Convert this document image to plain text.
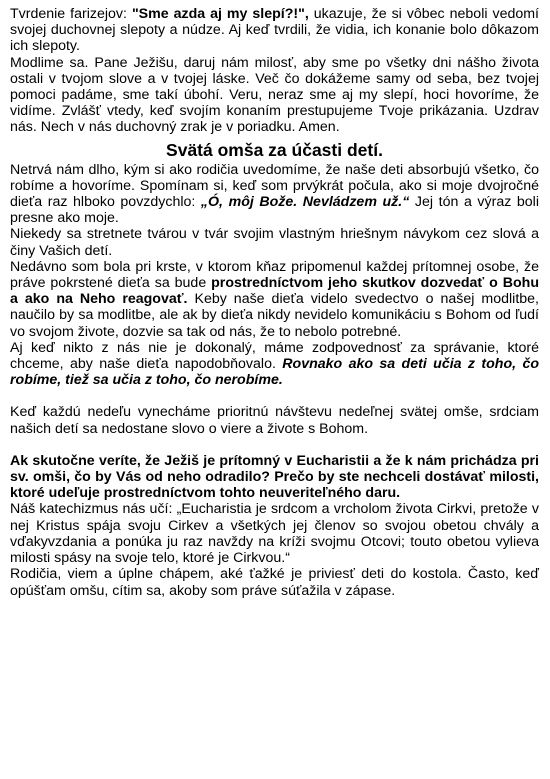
Tvrdenie farizejov: "Sme azda aj my slepí?!", ukazuje, že si vôbec neboli vedomí svojej duchovnej slepoty a núdze. Aj keď tvrdili, že vidia, ich konanie bolo dôkazom ich slepoty.

Modlime sa. Pane Ježišu, daruj nám milosť, aby sme po všetky dni nášho života ostali v tvojom slove a v tvojej láske. Več čo dokážeme samy od seba, bez tvojej pomoci padáme, sme takí úbohí. Veru, neraz sme aj my slepí, hoci hovoríme, že vidíme. Zvlášť vtedy, keď svojím konaním prestupujeme Tvoje prikázania. Uzdrav nás. Nech v nás duchovný zrak je v poriadku. Amen.

Svätá omša za účasti detí.

Netrvá nám dlho, kým si ako rodičia uvedomíme, že naše deti absorbujú všetko, čo robíme a hovoríme. Spomínam si, keď som prvýkrát počula, ako si moje dvojročné dieťa raz hlboko povzdychlo: „Ó, môj Bože. Nevládzem už.“ Jej tón a výraz boli presne ako moje.

Niekedy sa stretnete tvárou v tvár svojim vlastným hriešnym návykom cez slová a činy Vašich detí.

Nedávno som bola pri krste, v ktorom kňaz pripomenul každej prítomnej osobe, že práve pokrstené dieťa sa bude prostredníctvom jeho skutkov dozvedať o Bohu a ako na Neho reagovať. Keby naše dieťa videlo svedectvo o našej modlitbe, naučilo by sa modlitbe, ale ak by dieťa nikdy nevidelo komunikáciu s Bohom od ľudí vo svojom živote, dozvie sa tak od nás, že to nebolo potrebné.

Aj keď nikto z nás nie je dokonalý, máme zodpovednosť za správanie, ktoré chceme, aby naše dieťa napodobňovalo. Rovnako ako sa deti učia z toho, čo robíme, tiež sa učia z toho, čo nerobíme.

Keď každú nedeľu vynecháme prioritnú návštevu nedeľnej svätej omše, srdciam našich detí sa nedostane slovo o viere a živote s Bohom.

Ak skutočne veríte, že Ježiš je prítomný v Eucharistii a že k nám prichádza pri sv. omši, čo by Vás od neho odradilo? Prečo by ste nechceli dostávať milosti, ktoré udeľuje prostredníctvom tohto neuveriteľného daru.

Náš katechizmus nás učí: „Eucharistia je srdcom a vrcholom života Cirkvi, pretože v nej Kristus spája svoju Cirkev a všetkých jej členov so svojou obetou chvály a vďakyvzdania a ponúka ju raz navždy na kríži svojmu Otcovi; touto obetou vylieva milosti spásy na svoje telo, ktoré je Cirkvou.“

Rodičia, viem a úplne chápem, aké ťažké je priviesť deti do kostola. Často, keď opúšťam omšu, cítim sa, akoby som práve súťažila v zápase.
